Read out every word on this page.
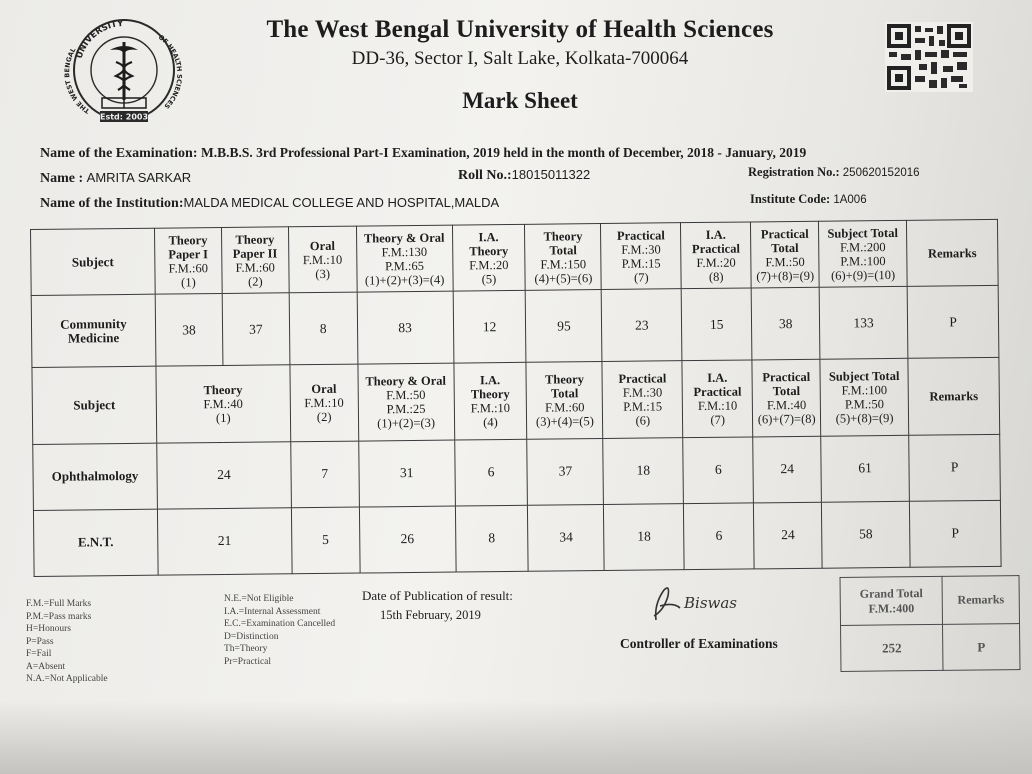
UNIVERSITY
OF HEALTH SCIENCES
THE WEST BENGAL
Estd: 2003
The West Bengal University of Health Sciences
DD-36, Sector I, Salt Lake, Kolkata-700064
Mark Sheet
Name of the Examination: M.B.B.S. 3rd Professional Part-I Examination, 2019 held in the month of December, 2018 - January, 2019
Name : AMRITA SARKAR	Roll No.:18015011322	Registration No.: 250620152016
Name of the Institution:MALDA MEDICAL COLLEGE AND HOSPITAL,MALDA	Institute Code: 1A006
Subject	Theory
Paper I
F.M.:60
(1)	Theory
Paper II
F.M.:60
(2)	Oral
F.M.:10
(3)	Theory & Oral
F.M.:130
P.M.:65
(1)+(2)+(3)=(4)	I.A.
Theory
F.M.:20
(5)	Theory
Total
F.M.:150
(4)+(5)=(6)	Practical
F.M.:30
P.M.:15
(7)	I.A.
Practical
F.M.:20
(8)	Practical
Total
F.M.:50
(7)+(8)=(9)	Subject Total
F.M.:200
P.M.:100
(6)+(9)=(10)	Remarks
Community Medicine	38	37	8	83	12	95	23	15	38	133	P
Subject	Theory
F.M.:40
(1)		Oral
F.M.:10
(2)	Theory & Oral
F.M.:50
P.M.:25
(1)+(2)=(3)	I.A.
Theory
F.M.:10
(4)	Theory
Total
F.M.:60
(3)+(4)=(5)	Practical
F.M.:30
P.M.:15
(6)	I.A.
Practical
F.M.:10
(7)	Practical
Total
F.M.:40
(6)+(7)=(8)	Subject Total
F.M.:100
P.M.:50
(5)+(8)=(9)	Remarks
Ophthalmology	24		7	31	6	37	18	6	24	61	P
E.N.T.	21		5	26	8	34	18	6	24	58	P
F.M.=Full Marks
P.M.=Pass marks
H=Honours
P=Pass
F=Fail
A=Absent
N.A.=Not Applicable
N.E.=Not Eligible
I.A.=Internal Assessment
E.C.=Examination Cancelled
D=Distinction
Th=Theory
Pr=Practical
Date of Publication of result:
15th February, 2019
Biswas
Controller of Examinations
Grand Total
F.M.:400	Remarks
252	P
